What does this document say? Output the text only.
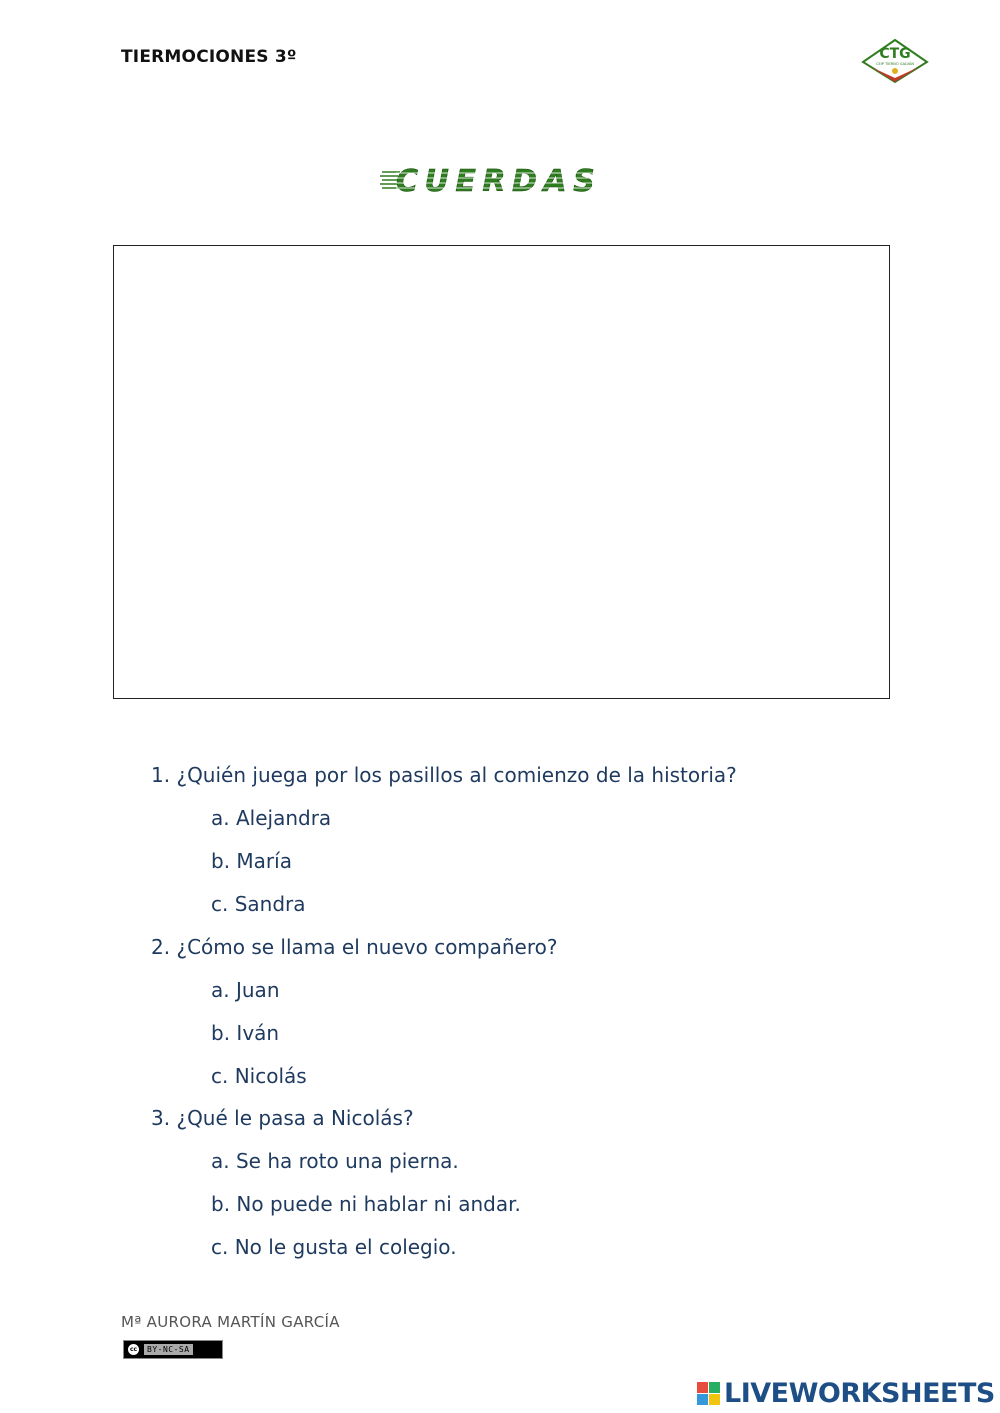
TIERMOCIONES 3º	CTG
CEIP TIERNO GALVÁN
CUERDAS
1. ¿Quién juega por los pasillos al comienzo de la historia?
a. Alejandra
b. María
c. Sandra
2. ¿Cómo se llama el nuevo compañero?
a. Juan
b. Iván
c. Nicolás
3. ¿Qué le pasa a Nicolás?
a. Se ha roto una pierna.
b. No puede ni hablar ni andar.
c. No le gusta el colegio.
Mª AURORA MARTÍN GARCÍA
cc	BY-NC-SA
LIVEWORKSHEETS
